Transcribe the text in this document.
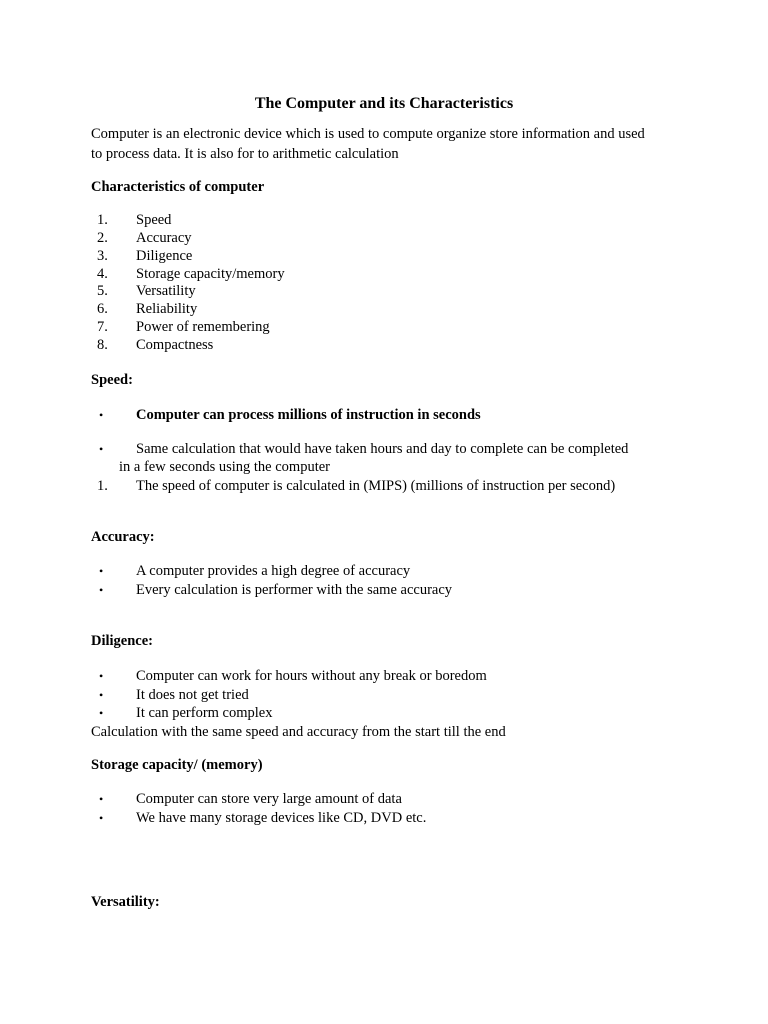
The Computer and its Characteristics
Computer is an electronic device which is used to compute organize store information and used
to process data. It is also for to arithmetic calculation
Characteristics of computer
1. Speed
2. Accuracy
3. Diligence
4. Storage capacity/memory
5. Versatility
6. Reliability
7. Power of remembering
8. Compactness
Speed:
• Computer can process millions of instruction in seconds
• Same calculation that would have taken hours and day to complete can be completed
in a few seconds using the computer
1. The speed of computer is calculated in (MIPS) (millions of instruction per second)
Accuracy:
• A computer provides a high degree of accuracy
• Every calculation is performer with the same accuracy
Diligence:
• Computer can work for hours without any break or boredom
• It does not get tried
• It can perform complex
Calculation with the same speed and accuracy from the start till the end
Storage capacity/ (memory)
• Computer can store very large amount of data
• We have many storage devices like CD, DVD etc.
Versatility:
